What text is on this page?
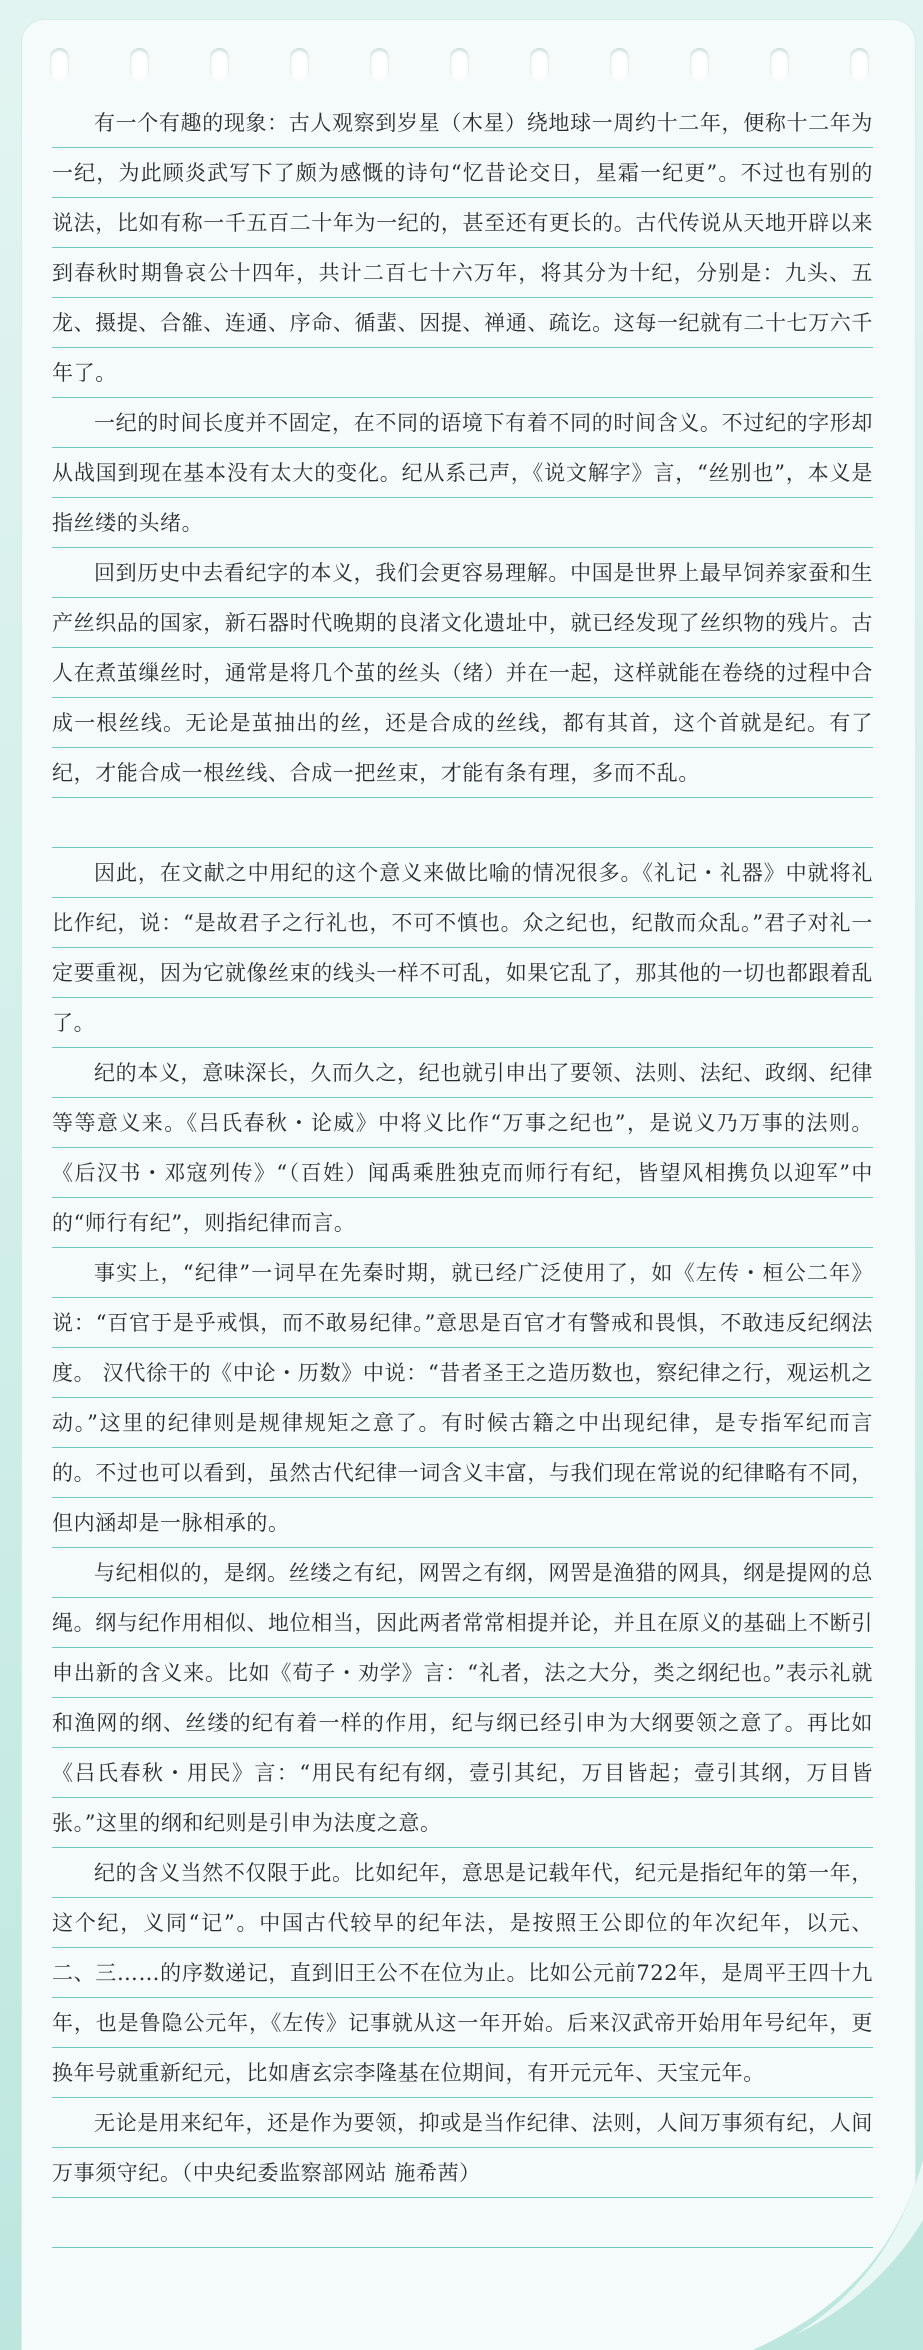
有一个有趣的现象：古人观察到岁星（木星）绕地球一周约十二年，便称十二年为一纪，为此顾炎武写下了颇为感慨的诗句“忆昔论交日，星霜一纪更”。不过也有别的说法，比如有称一千五百二十年为一纪的，甚至还有更长的。古代传说从天地开辟以来到春秋时期鲁哀公十四年，共计二百七十六万年，将其分为十纪，分别是：九头、五龙、摄提、合雒、连通、序命、循蜚、因提、禅通、疏讫。这每一纪就有二十七万六千年了。

一纪的时间长度并不固定，在不同的语境下有着不同的时间含义。不过纪的字形却从战国到现在基本没有太大的变化。纪从系己声，《说文解字》言，“丝别也”，本义是指丝缕的头绪。

回到历史中去看纪字的本义，我们会更容易理解。中国是世界上最早饲养家蚕和生产丝织品的国家，新石器时代晚期的良渚文化遗址中，就已经发现了丝织物的残片。古人在煮茧缫丝时，通常是将几个茧的丝头（绪）并在一起，这样就能在卷绕的过程中合成一根丝线。无论是茧抽出的丝，还是合成的丝线，都有其首，这个首就是纪。有了纪，才能合成一根丝线、合成一把丝束，才能有条有理，多而不乱。

因此，在文献之中用纪的这个意义来做比喻的情况很多。《礼记・礼器》中就将礼比作纪，说：“是故君子之行礼也，不可不慎也。众之纪也，纪散而众乱。”君子对礼一定要重视，因为它就像丝束的线头一样不可乱，如果它乱了，那其他的一切也都跟着乱了。

纪的本义，意味深长，久而久之，纪也就引申出了要领、法则、法纪、政纲、纪律等等意义来。《吕氏春秋・论威》中将义比作“万事之纪也”，是说义乃万事的法则。《后汉书・邓寇列传》“（百姓）闻禹乘胜独克而师行有纪，皆望风相携负以迎军”中的“师行有纪”，则指纪律而言。

事实上，“纪律”一词早在先秦时期，就已经广泛使用了，如《左传・桓公二年》说：“百官于是乎戒惧，而不敢易纪律。”意思是百官才有警戒和畏惧，不敢违反纪纲法度。 汉代徐干的《中论・历数》中说：“昔者圣王之造历数也，察纪律之行，观运机之动。”这里的纪律则是规律规矩之意了。有时候古籍之中出现纪律，是专指军纪而言的。不过也可以看到，虽然古代纪律一词含义丰富，与我们现在常说的纪律略有不同，但内涵却是一脉相承的。

与纪相似的，是纲。丝缕之有纪，网罟之有纲，网罟是渔猎的网具，纲是提网的总绳。纲与纪作用相似、地位相当，因此两者常常相提并论，并且在原义的基础上不断引申出新的含义来。比如《荀子・劝学》言：“礼者，法之大分，类之纲纪也。”表示礼就和渔网的纲、丝缕的纪有着一样的作用，纪与纲已经引申为大纲要领之意了。再比如《吕氏春秋・用民》言：“用民有纪有纲，壹引其纪，万目皆起；壹引其纲，万目皆张。”这里的纲和纪则是引申为法度之意。

纪的含义当然不仅限于此。比如纪年，意思是记载年代，纪元是指纪年的第一年，这个纪，义同“记”。中国古代较早的纪年法，是按照王公即位的年次纪年，以元、二、三……的序数递记，直到旧王公不在位为止。比如公元前722年，是周平王四十九年，也是鲁隐公元年，《左传》记事就从这一年开始。后来汉武帝开始用年号纪年，更换年号就重新纪元，比如唐玄宗李隆基在位期间，有开元元年、天宝元年。

无论是用来纪年，还是作为要领，抑或是当作纪律、法则，人间万事须有纪，人间万事须守纪。（中央纪委监察部网站 施希茜）
